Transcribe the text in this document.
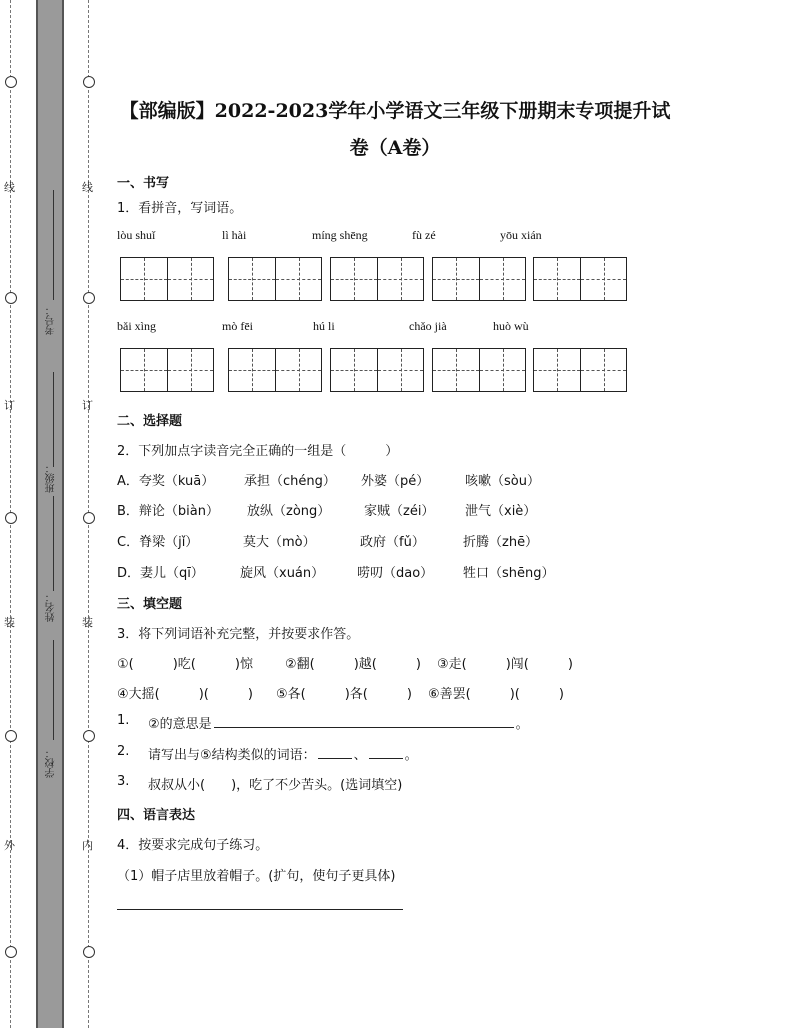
线
订
装
外
线
订
装
内
考号：
班级：
姓名：
学校：
【部编版】2022-2023学年小学语文三年级下册期末专项提升试
卷（A卷）
一、书写
1．看拼音，写词语。
lòu shuǐ	lì hài	míng shēng	fù zé	yōu xián
bǎi xìng	mò fēi	hú li	chǎo jià	huò wù
二、选择题
2．下列加点字读音完全正确的一组是（　　　）
A．夸奖（kuā） 承担（chéng） 外婆（pé）	咳嗽（sòu）
B．辩论（biàn） 放纵（zòng）	家贼（zéi） 泄气（xiè）
C．脊梁（jǐ）	莫大（mò）	政府（fǔ）	折腾（zhē）
D．妻儿（qī）	旋风（xuán）	唠叨（dao） 牲口（shēng）
三、填空题
3．将下列词语补充完整，并按要求作答。
①(　　　)吃(　　　)惊 ②翻(　　　)越(　　　) ③走(　　　)闯(　　　)
④大摇(　　　)(　　　) ⑤各(　　　)各(　　　) ⑥善罢(　　　)(　　　)
1. ②的意思是	。
2. 请写出与⑤结构类似的词语：	、	。
3. 叔叔从小(　　)，吃了不少苦头。(选词填空)
四、语言表达
4．按要求完成句子练习。
（1）帽子店里放着帽子。(扩句，使句子更具体)
